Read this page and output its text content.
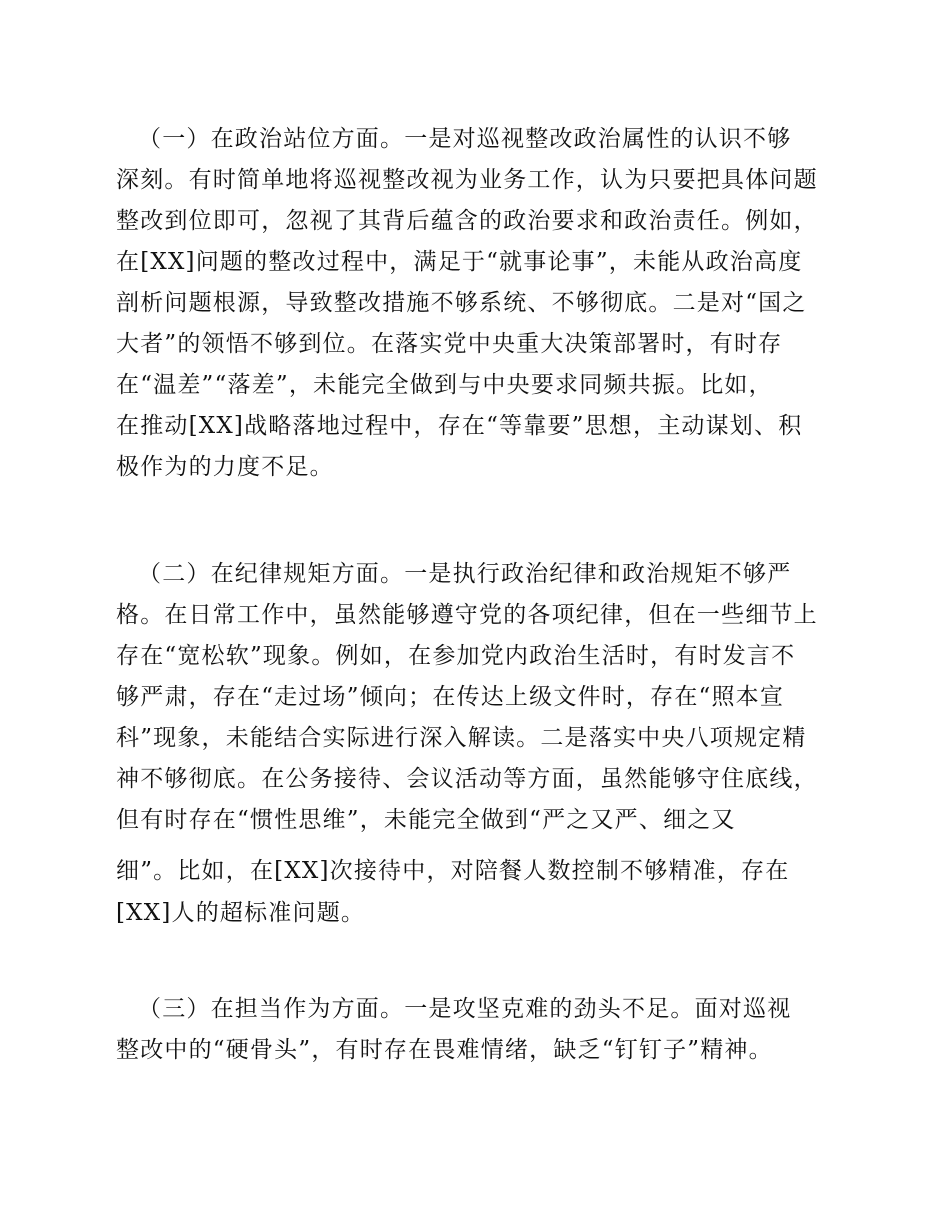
（一）在政治站位方面。一是对巡视整改政治属性的认识不够
深刻。有时简单地将巡视整改视为业务工作，认为只要把具体问题
整改到位即可，忽视了其背后蕴含的政治要求和政治责任。例如，
在[XX]问题的整改过程中，满足于“就事论事”，未能从政治高度
剖析问题根源，导致整改措施不够系统、不够彻底。二是对“国之
大者”的领悟不够到位。在落实党中央重大决策部署时，有时存
在“温差”“落差”，未能完全做到与中央要求同频共振。比如，
在推动[XX]战略落地过程中，存在“等靠要”思想，主动谋划、积
极作为的力度不足。
（二）在纪律规矩方面。一是执行政治纪律和政治规矩不够严
格。在日常工作中，虽然能够遵守党的各项纪律，但在一些细节上
存在“宽松软”现象。例如，在参加党内政治生活时，有时发言不
够严肃，存在“走过场”倾向；在传达上级文件时，存在“照本宣
科”现象，未能结合实际进行深入解读。二是落实中央八项规定精
神不够彻底。在公务接待、会议活动等方面，虽然能够守住底线，
但有时存在“惯性思维”，未能完全做到“严之又严、细之又
细”。比如，在[XX]次接待中，对陪餐人数控制不够精准，存在
[XX]人的超标准问题。
（三）在担当作为方面。一是攻坚克难的劲头不足。面对巡视
整改中的“硬骨头”，有时存在畏难情绪，缺乏“钉钉子”精神。
